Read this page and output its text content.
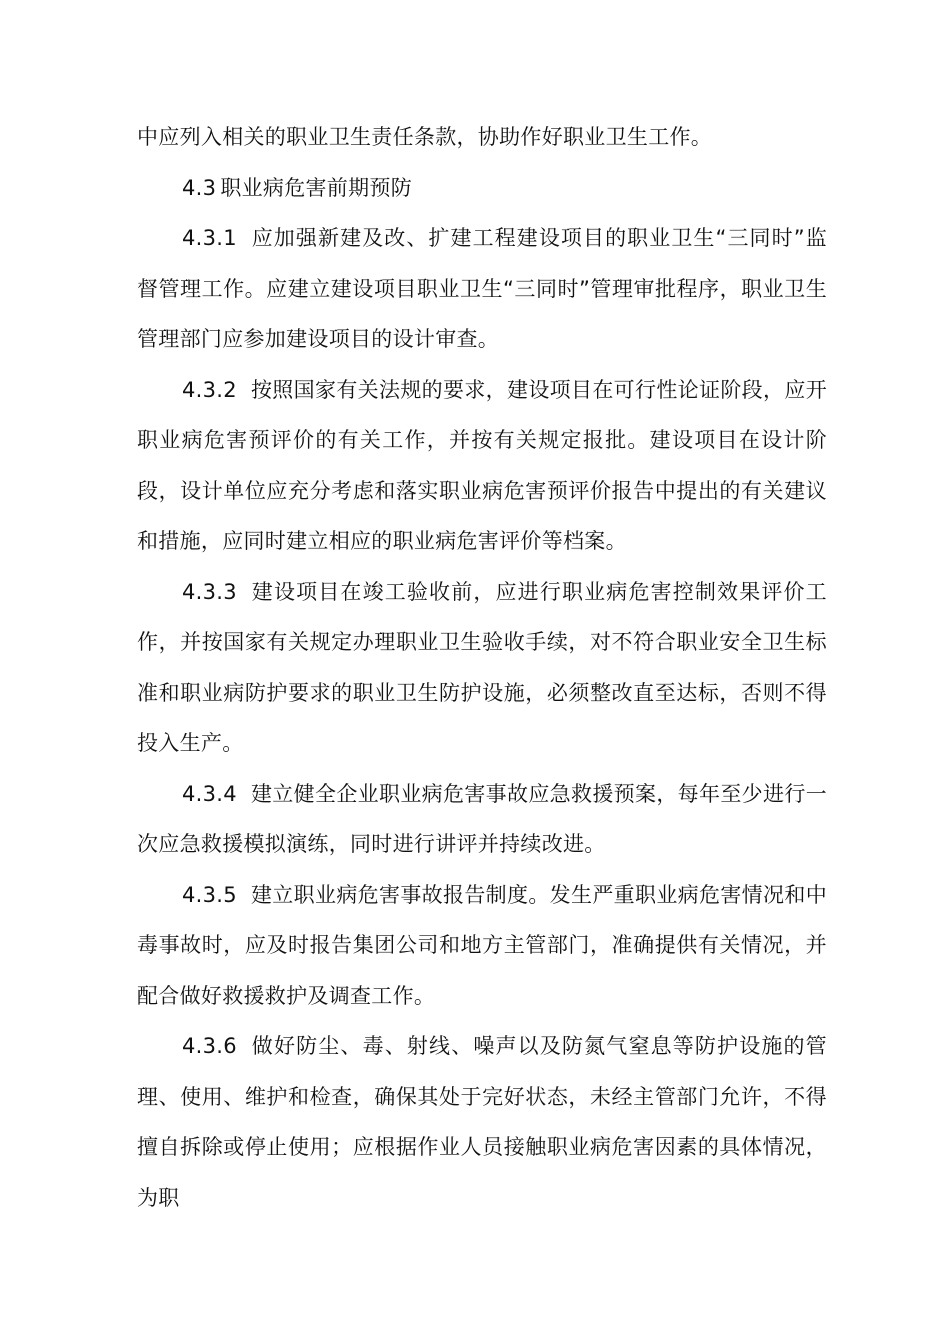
中应列入相关的职业卫生责任条款，协助作好职业卫生工作。

4.3 职业病危害前期预防

4.3.1 应加强新建及改、扩建工程建设项目的职业卫生“三同时”监督管理工作。应建立建设项目职业卫生“三同时”管理审批程序，职业卫生管理部门应参加建设项目的设计审查。

4.3.2 按照国家有关法规的要求，建设项目在可行性论证阶段，应开职业病危害预评价的有关工作，并按有关规定报批。建设项目在设计阶段，设计单位应充分考虑和落实职业病危害预评价报告中提出的有关建议和措施，应同时建立相应的职业病危害评价等档案。

4.3.3 建设项目在竣工验收前，应进行职业病危害控制效果评价工作，并按国家有关规定办理职业卫生验收手续，对不符合职业安全卫生标准和职业病防护要求的职业卫生防护设施，必须整改直至达标，否则不得投入生产。

4.3.4 建立健全企业职业病危害事故应急救援预案，每年至少进行一次应急救援模拟演练，同时进行讲评并持续改进。

4.3.5 建立职业病危害事故报告制度。发生严重职业病危害情况和中毒事故时，应及时报告集团公司和地方主管部门，准确提供有关情况，并配合做好救援救护及调查工作。

4.3.6 做好防尘、毒、射线、噪声以及防氮气窒息等防护设施的管理、使用、维护和检查，确保其处于完好状态，未经主管部门允许，不得擅自拆除或停止使用；应根据作业人员接触职业病危害因素的具体情况，为职
